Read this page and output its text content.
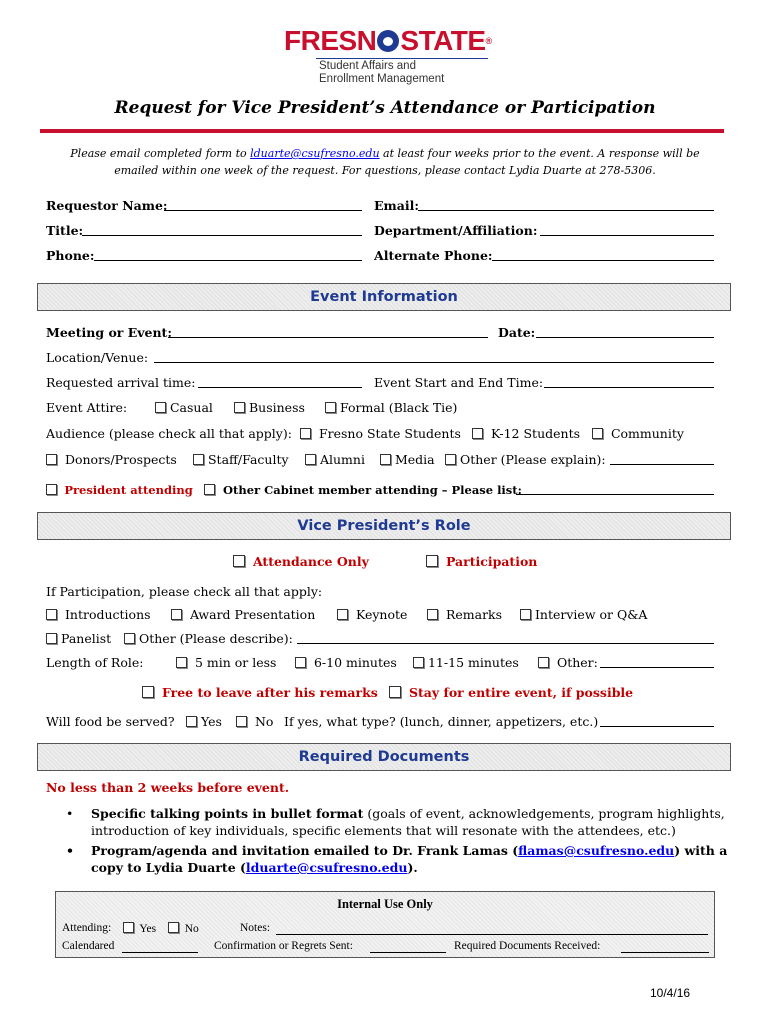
FRESN STATE®
Student Affairs and
Enrollment Management
Request for Vice President’s Attendance or Participation
Please email completed form to lduarte@csufresno.edu at least four weeks prior to the event. A response will be
emailed within one week of the request. For questions, please contact Lydia Duarte at 278-5306.
Requestor Name:	Email:
Title:	Department/Affiliation:
Phone:	Alternate Phone:
Event Information
Meeting or Event:	Date:
Location/Venue:
Requested arrival time:	Event Start and End Time:
Event Attire:	Casual	Business	Formal (Black Tie)
Audience (please check all that apply):	Fresno State Students	K-12 Students	Community
Donors/Prospects	Staff/Faculty	Alumni	Media	Other (Please explain):
President attending	Other Cabinet member attending – Please list:
Vice President’s Role
Attendance Only	Participation
If Participation, please check all that apply:
Introductions	Award Presentation	Keynote	Remarks	Interview or Q&A
Panelist	Other (Please describe):
Length of Role:	5 min or less	6-10 minutes	11-15 minutes	Other:
Free to leave after his remarks	Stay for entire event, if possible
Will food be served?	Yes	No If yes, what type? (lunch, dinner, appetizers, etc.)
Required Documents
No less than 2 weeks before event.
• Specific talking points in bullet format (goals of event, acknowledgements, program highlights,
introduction of key individuals, specific elements that will resonate with the attendees, etc.)
• Program/agenda and invitation emailed to Dr. Frank Lamas (flamas@csufresno.edu) with a
copy to Lydia Duarte (lduarte@csufresno.edu).
Internal Use Only
Attending:	Yes	No	Notes:
Calendared	Confirmation or Regrets Sent:	Required Documents Received:
10/4/16
